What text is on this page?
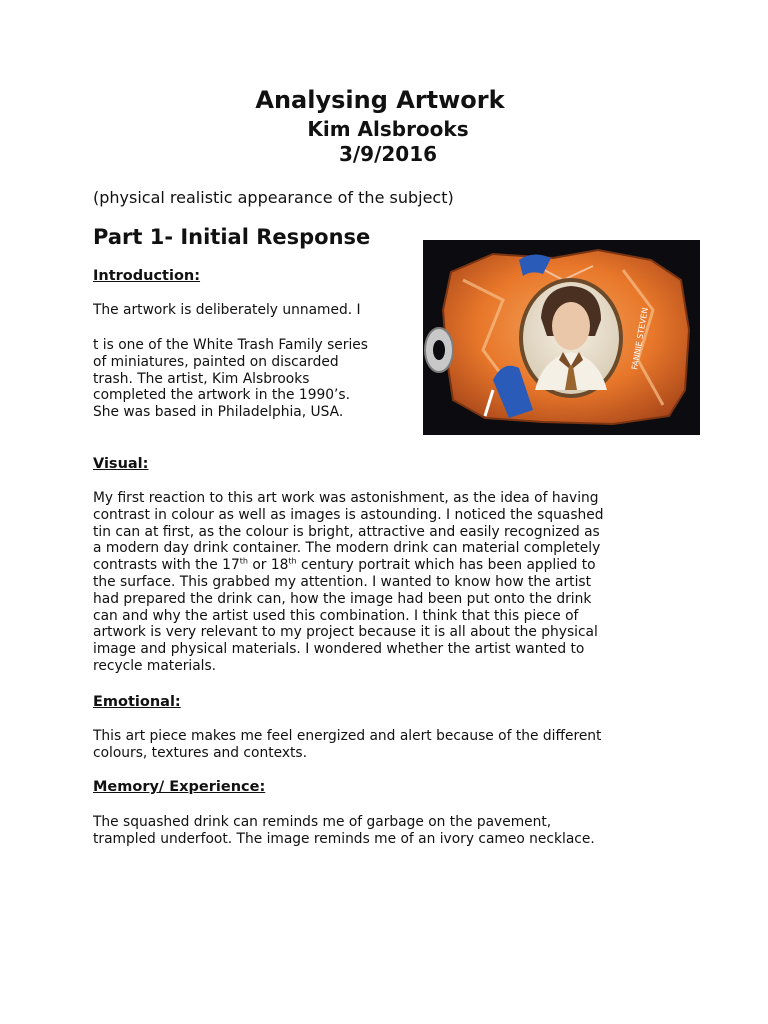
Analysing Artwork
Kim Alsbrooks
3/9/2016

(physical realistic appearance of the subject)

Part 1- Initial Response
Introduction:

The artwork is deliberately unnamed. I

t is one of the White Trash Family series
of miniatures, painted on discarded
trash. The artist, Kim Alsbrooks
completed the artwork in the 1990’s.
She was based in Philadelphia, USA.

FANNIE STEVEN
Visual:

My first reaction to this art work was astonishment, as the idea of having
contrast in colour as well as images is astounding. I noticed the squashed
tin can at first, as the colour is bright, attractive and easily recognized as
a modern day drink container. The modern drink can material completely
contrasts with the 17th or 18th century portrait which has been applied to
the surface. This grabbed my attention. I wanted to know how the artist
had prepared the drink can, how the image had been put onto the drink
can and why the artist used this combination. I think that this piece of
artwork is very relevant to my project because it is all about the physical
image and physical materials. I wondered whether the artist wanted to
recycle materials.

Emotional:

This art piece makes me feel energized and alert because of the different
colours, textures and contexts.

Memory/ Experience:

The squashed drink can reminds me of garbage on the pavement,
trampled underfoot. The image reminds me of an ivory cameo necklace.
